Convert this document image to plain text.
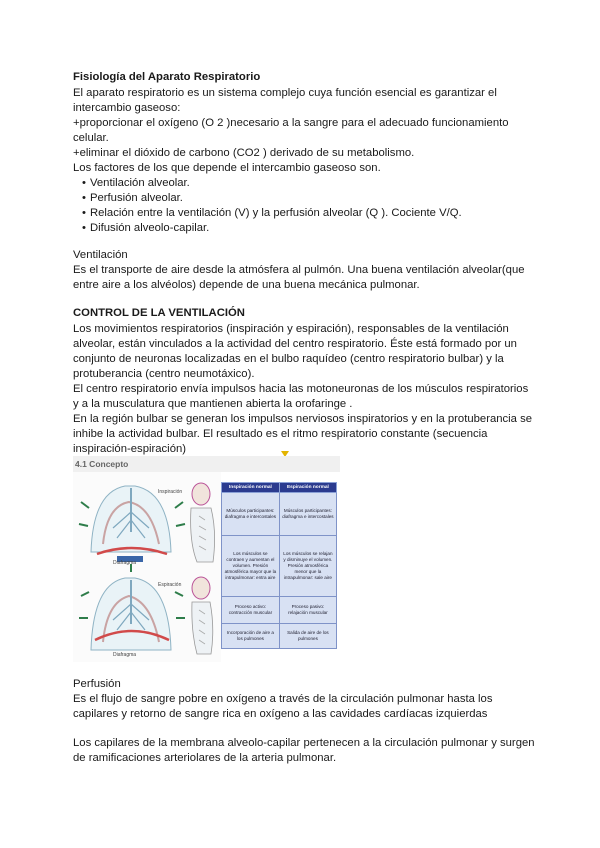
Fisiología del Aparato Respiratorio
El aparato respiratorio es un sistema complejo cuya función esencial es garantizar el
intercambio gaseoso:
+proporcionar el oxígeno (O 2 )necesario a la sangre para el adecuado funcionamiento
celular.
+eliminar el dióxido de carbono (CO2 ) derivado de su metabolismo.
Los factores de los que depende el intercambio gaseoso son.
• Ventilación alveolar.
• Perfusión alveolar.
• Relación entre la ventilación (V) y la perfusión alveolar (Q ). Cociente V/Q.
• Difusión alveolo-capilar.
Ventilación
Es el transporte de aire desde la atmósfera al pulmón. Una buena ventilación alveolar(que
entre aire a los alvéolos) depende de una buena mecánica pulmonar.
CONTROL DE LA VENTILACIÓN
Los movimientos respiratorios (inspiración y espiración), responsables de la ventilación
alveolar, están vinculados a la actividad del centro respiratorio. Éste está formado por un
conjunto de neuronas localizadas en el bulbo raquídeo (centro respiratorio bulbar) y la
protuberancia (centro neumotáxico).
El centro respiratorio envía impulsos hacia las motoneuronas de los músculos respiratorios
y a la musculatura que mantienen abierta la orofaringe .
En la región bulbar se generan los impulsos nerviosos inspiratorios y en la protuberancia se
inhibe la actividad bulbar. El resultado es el ritmo respiratorio constante (secuencia
inspiración-espiración)
4.1 Concepto
Inspiración
Espiración
Diafragma
Diafragma
Inspiración normal	Espiración normal
Músculos participantes: diafragma e intercostales	Músculos participantes: diafragma e intercostales
Los músculos se contraen y aumentan el volumen. Presión atmosférica mayor que la intrapulmonar: entra aire	Los músculos se relajan y disminuye el volumen. Presión atmosférica menor que la intrapulmonar: sale aire
Proceso activo: contracción muscular	Proceso pasivo: relajación muscular
Incorporación de aire a los pulmones	Salida de aire de los pulmones
Perfusión
Es el flujo de sangre pobre en oxígeno a través de la circulación pulmonar hasta los
capilares y retorno de sangre rica en oxígeno a las cavidades cardíacas izquierdas
Los capilares de la membrana alveolo-capilar pertenecen a la circulación pulmonar y surgen
de ramificaciones arteriolares de la arteria pulmonar.
